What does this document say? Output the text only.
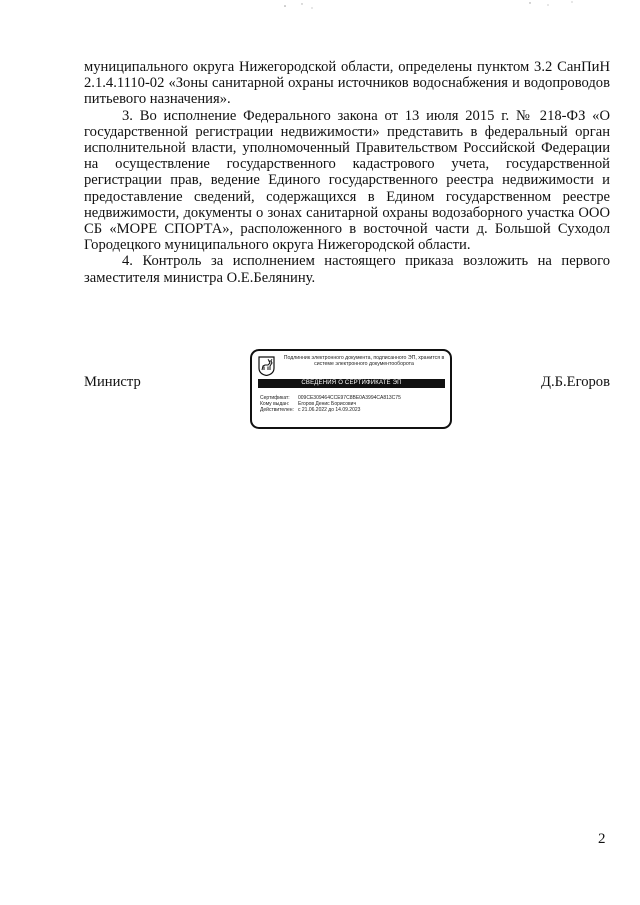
муниципального округа Нижегородской области, определены пунктом 3.2 СанПиН 2.1.4.1110-02 «Зоны санитарной охраны источников водоснабжения и водопроводов питьевого назначения».

3. Во исполнение Федерального закона от 13 июля 2015 г. № 218-ФЗ «О государственной регистрации недвижимости» представить в федеральный орган исполнительной власти, уполномоченный Правительством Российской Федерации на осуществление государственного кадастрового учета, государственной регистрации прав, ведение Единого государственного реестра недвижимости и предоставление сведений, содержащихся в Едином государственном реестре недвижимости, документы о зонах санитарной охраны водозаборного участка ООО СБ «МОРЕ СПОРТА», расположенного в восточной части д. Большой Суходол Городецкого муниципального округа Нижегородской области.

4. Контроль за исполнением настоящего приказа возложить на первого заместителя министра О.Е.Белянину.

Министр
Подлинник электронного документа, подписанного ЭП, хранится в системе электронного документооборота
СВЕДЕНИЯ О СЕРТИФИКАТЕ ЭП
Сертификат: 009CE309464CCE97C8BE0A3994CA813C75
Кому выдан: Егоров Денис Борисович
Действителен: с 21.06.2022 до 14.09.2023
Д.Б.Егоров
2
